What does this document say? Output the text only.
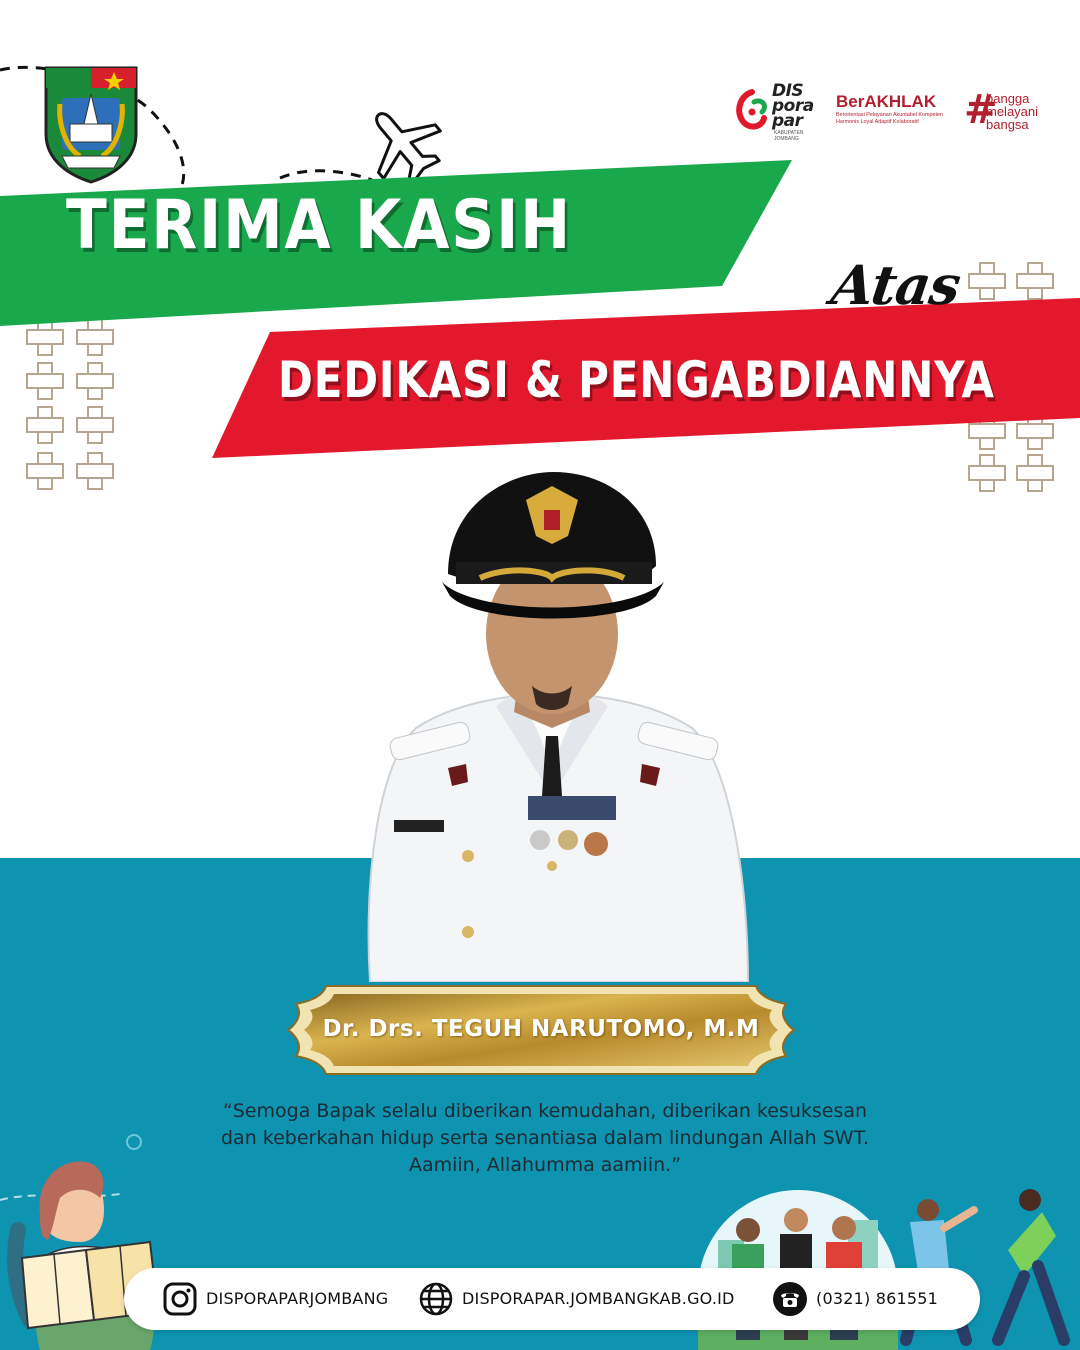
DIS
pora
par
KABUPATEN JOMBANG
BerAKHLAK
Berorientasi Pelayanan Akuntabel Kompeten
Harmonis Loyal Adaptif Kolaboratif	#
bangga
melayani
bangsa
TERIMA KASIH
Atas
DEDIKASI & PENGABDIANNYA
Dr. Drs. TEGUH NARUTOMO, M.M
“Semoga Bapak selalu diberikan kemudahan, diberikan kesuksesan
dan keberkahan hidup serta senantiasa dalam lindungan Allah SWT.
Aamiin, Allahumma aamiin.”
DISPORAPARJOMBANG	DISPORAPAR.JOMBANGKAB.GO.ID	(0321) 861551
